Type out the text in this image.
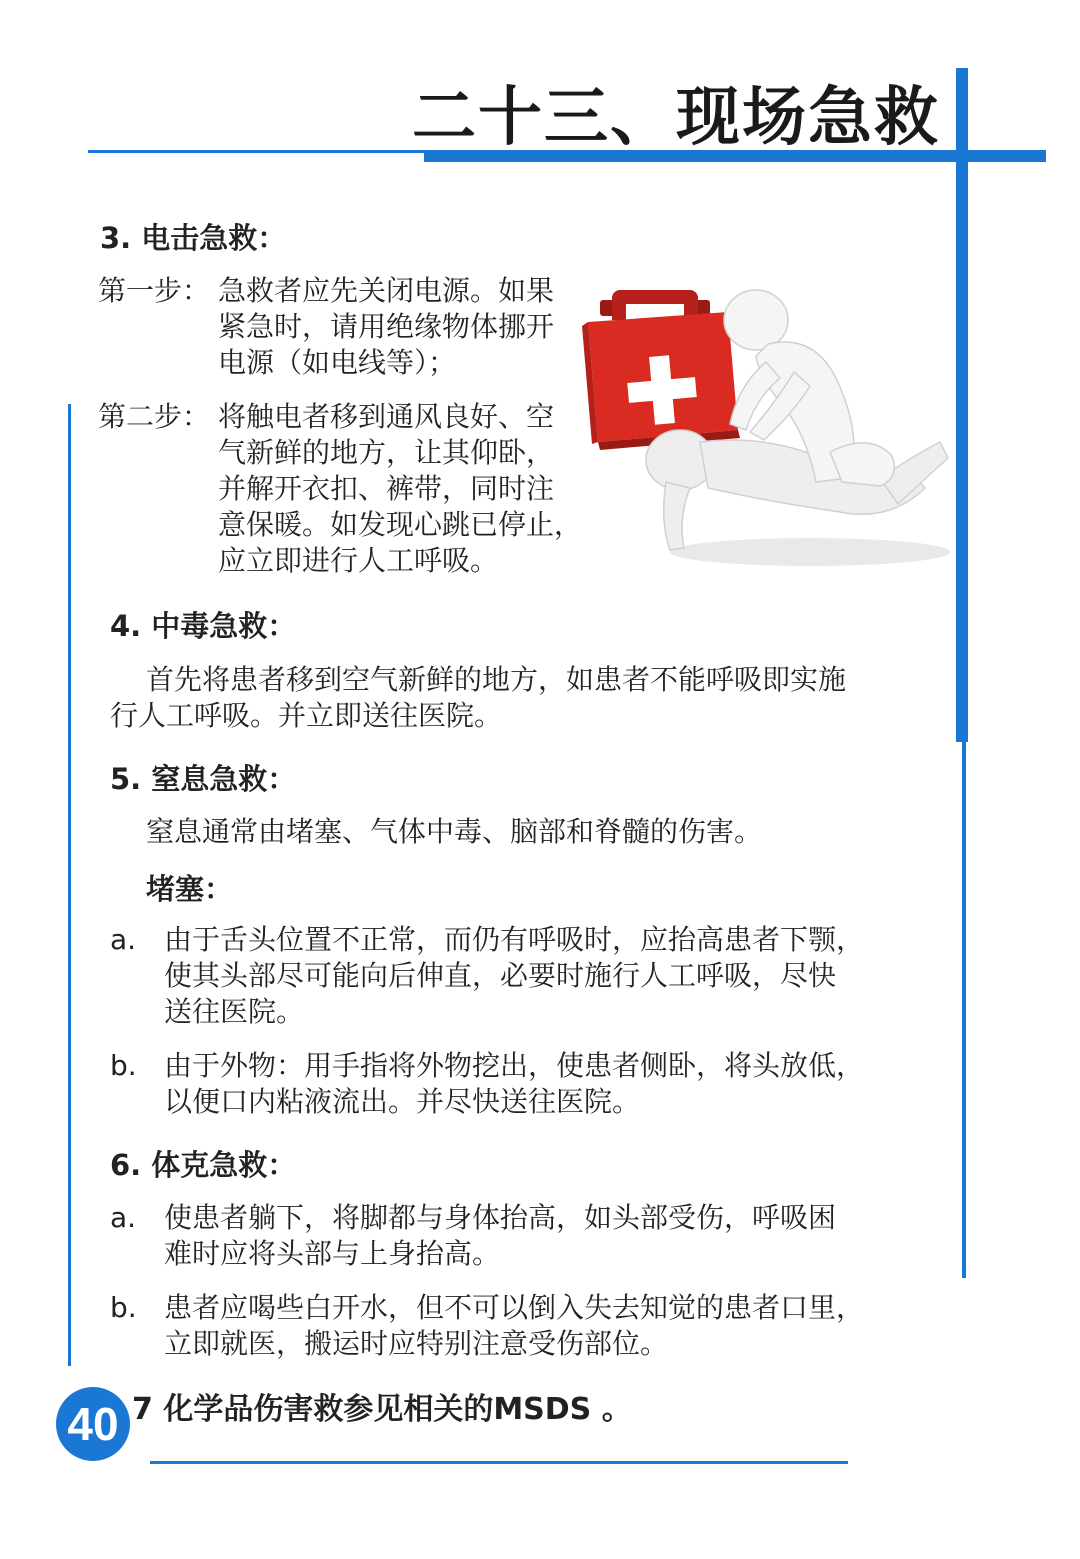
二十三、现场急救
3. 电击急救：
第一步： 急救者应先关闭电源。如果
紧急时，请用绝缘物体挪开
电源（如电线等）；
第二步： 将触电者移到通风良好、空
气新鲜的地方，让其仰卧，
并解开衣扣、裤带，同时注
意保暖。如发现心跳已停止，
应立即进行人工呼吸。
4. 中毒急救：
首先将患者移到空气新鲜的地方，如患者不能呼吸即实施
行人工呼吸。并立即送往医院。
5. 窒息急救：
窒息通常由堵塞、气体中毒、脑部和脊髓的伤害。
堵塞：
a. 由于舌头位置不正常，而仍有呼吸时，应抬高患者下颚，
使其头部尽可能向后伸直，必要时施行人工呼吸，尽快
送往医院。
b. 由于外物：用手指将外物挖出，使患者侧卧，将头放低，
以便口内粘液流出。并尽快送往医院。
6. 体克急救：
a. 使患者躺下，将脚都与身体抬高，如头部受伤，呼吸困
难时应将头部与上身抬高。
b. 患者应喝些白开水，但不可以倒入失去知觉的患者口里，
立即就医，搬运时应特别注意受伤部位。
40 7 化学品伤害救参见相关的MSDS 。
